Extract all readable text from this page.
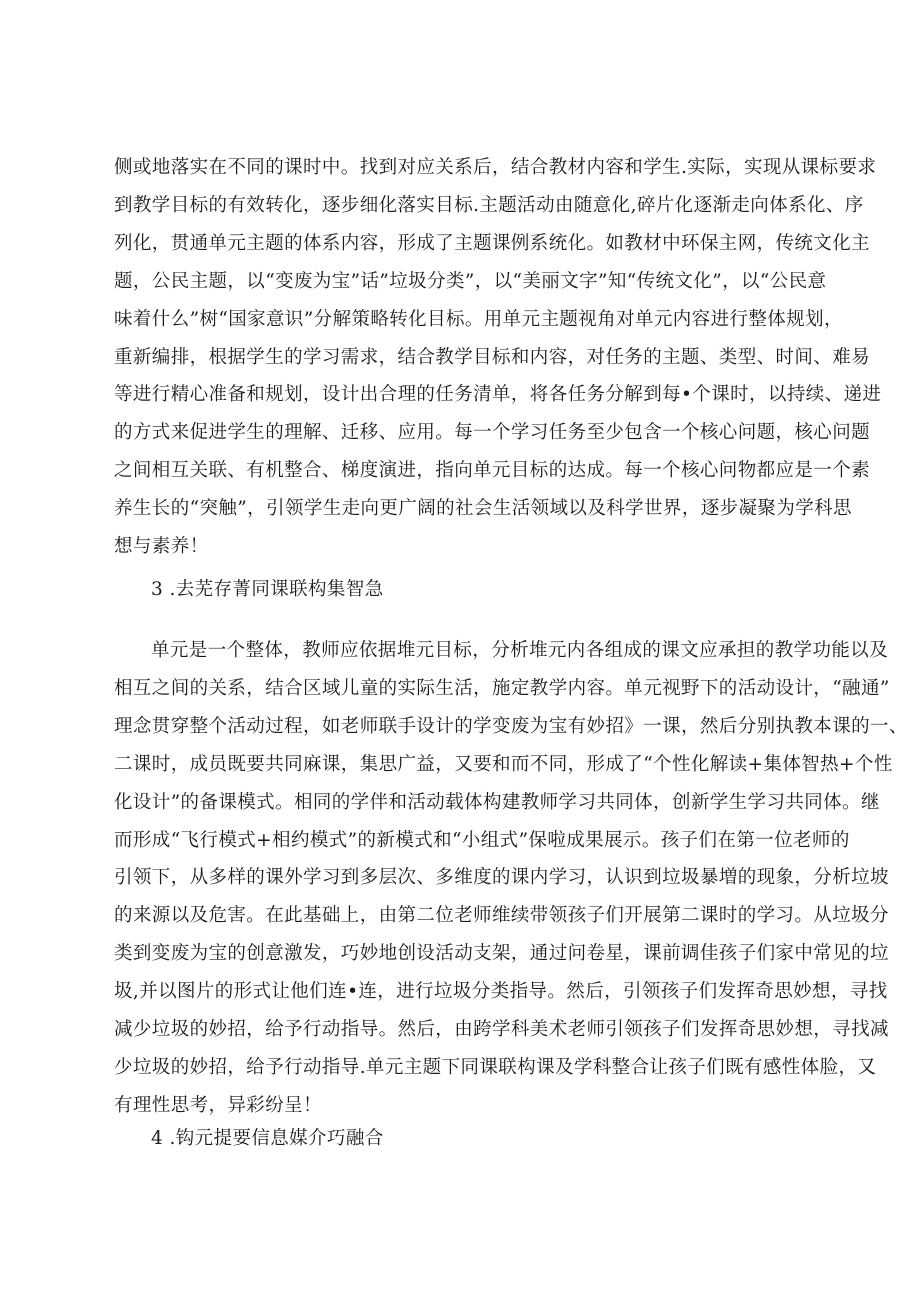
侧或地落实在不同的课时中。找到对应关系后，结合教材内容和学生.实际，实现从课标要求
到教学目标的有效转化，逐步细化落实目标.主题活动由随意化,碎片化逐渐走向体系化、序
列化，贯通单元主题的体系内容，形成了主题课例系统化。如教材中环保主网，传统文化主
题，公民主题，以“变废为宝”话”垃圾分类”，以“美丽文字”知“传统文化”，以“公民意
味着什么”树“国家意识”分解策略转化目标。用单元主题视角对单元内容进行整体规划，
重新编排，根据学生的学习需求，结合教学目标和内容，对任务的主题、类型、时间、难易
等进行精心准备和规划，设计出合理的任务清单，将各任务分解到每•个课时，以持续、递进
的方式来促进学生的理解、迁移、应用。每一个学习任务至少包含一个核心问题，核心问题
之间相互关联、有机整合、梯度演进，指向单元目标的达成。每一个核心问物都应是一个素
养生长的“突触”，引领学生走向更广阔的社会生活领域以及科学世界，逐步凝聚为学科思
想与素养！
3 .去芜存菁同课联构集智急
单元是一个整体，教师应依据堆元目标，分析堆元内各组成的课文应承担的教学功能以及
相互之间的关系，结合区域儿童的实际生活，施定教学内容。单元视野下的活动设计，“融通”
理念贯穿整个活动过程，如老师联手设计的学变废为宝有妙招》一课，然后分别执教本课的一、
二课时，成员既要共同麻课，集思广益，又要和而不同，形成了“个性化解读+集体智热+个性
化设计”的备课模式。相同的学伴和活动载体构建教师学习共同体，创新学生学习共同体。继
而形成“飞行模式+相约模式”的新模式和“小组式”保啦成果展示。孩子们在第一位老师的
引领下，从多样的课外学习到多层次、多维度的课内学习，认识到垃圾暴増的现象，分析垃坡
的来源以及危害。在此基础上，由第二位老师维续带领孩子们开展第二课时的学习。从垃圾分
类到变废为宝的创意激发，巧妙地创设活动支架，通过问卷星，课前调佳孩子们家中常见的垃
圾,并以图片的形式让他们连•连，进行垃圾分类指导。然后，引领孩子们发挥奇思妙想，寻找
减少垃圾的妙招，给予行动指导。然后，由跨学科美术老师引领孩子们发挥奇思妙想，寻找减
少垃圾的妙招，给予行动指导.单元主题下同课联构课及学科整合让孩子们既有感性体脸，又
有理性思考，异彩纷呈！
4 .钩元提要信息媒介巧融合
